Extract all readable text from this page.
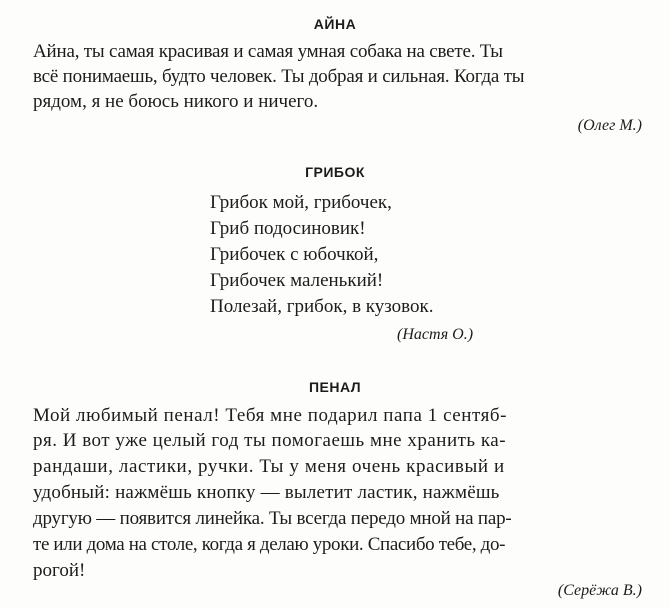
АЙНА
Айна, ты самая красивая и самая умная собака на свете. Ты
всё понимаешь, будто человек. Ты добрая и сильная. Когда ты
рядом, я не боюсь никого и ничего.
(Олег М.)
ГРИБОК
Грибок мой, грибочек,
Гриб подосиновик!
Грибочек с юбочкой,
Грибочек маленький!
Полезай, грибок, в кузовок.
(Настя О.)
ПЕНАЛ
Мой любимый пенал! Тебя мне подарил папа 1 сентяб-
ря. И вот уже целый год ты помогаешь мне хранить ка-
рандаши, ластики, ручки. Ты у меня очень красивый и
удобный: нажмёшь кнопку — вылетит ластик, нажмёшь
другую — появится линейка. Ты всегда передо мной на пар-
те или дома на столе, когда я делаю уроки. Спасибо тебе, до-
рогой!
(Серёжа В.)
